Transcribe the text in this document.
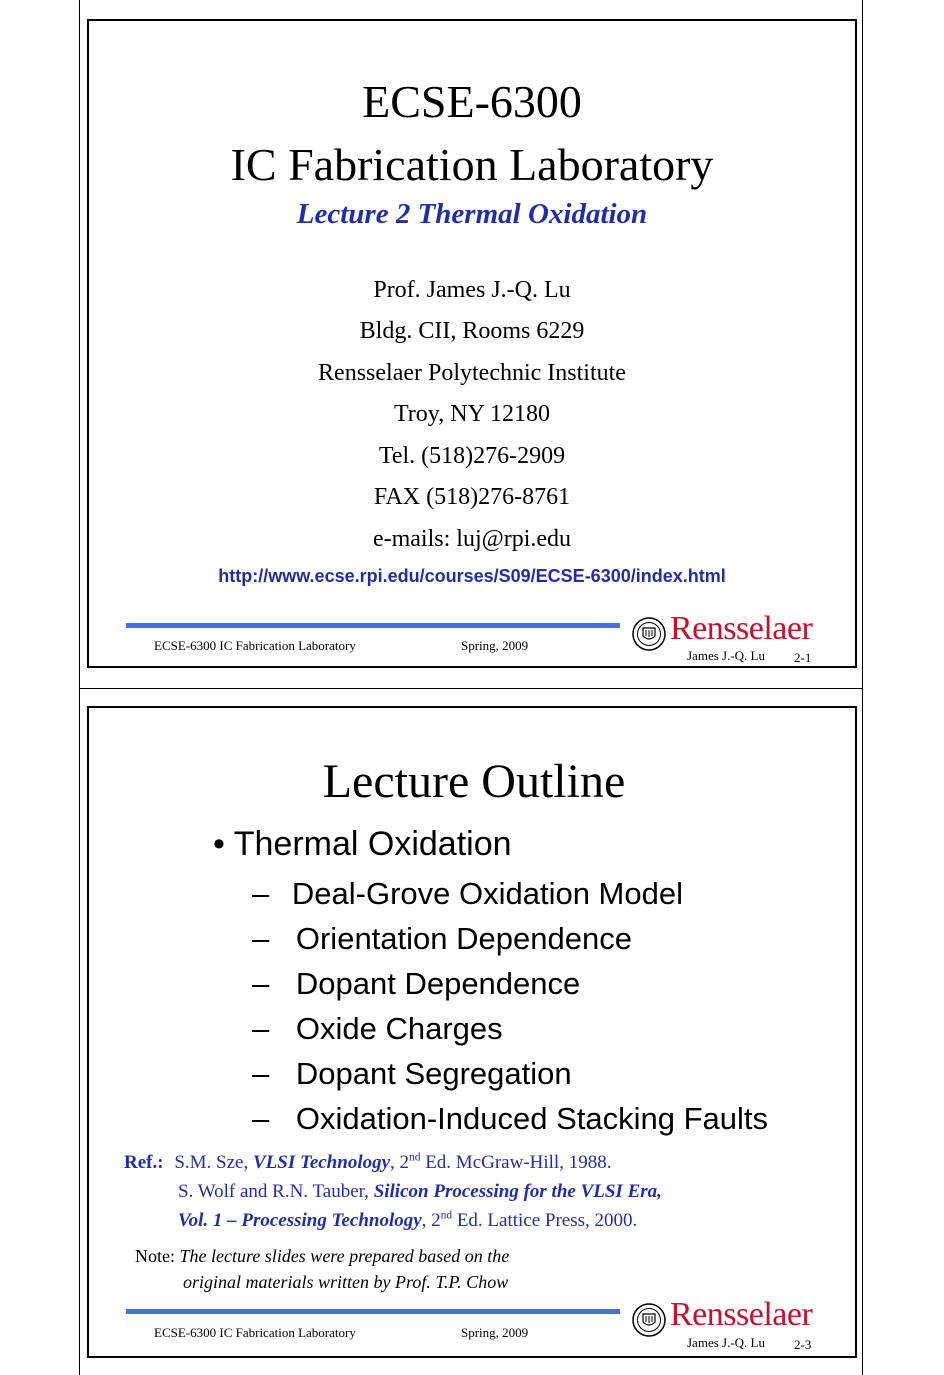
ECSE-6300
IC Fabrication Laboratory
Lecture 2 Thermal Oxidation
Prof. James J.-Q. Lu
Bldg. CII, Rooms 6229
Rensselaer Polytechnic Institute
Troy, NY 12180
Tel. (518)276-2909
FAX (518)276-8761
e-mails: luj@rpi.edu
http://www.ecse.rpi.edu/courses/S09/ECSE-6300/index.html
ECSE-6300 IC Fabrication Laboratory	Spring, 2009	Rensselaer
James J.-Q. Lu 2-1
Lecture Outline
• Thermal Oxidation
– Deal-Grove Oxidation Model
– Orientation Dependence
– Dopant Dependence
– Oxide Charges
– Dopant Segregation
– Oxidation-Induced Stacking Faults
Ref.: S.M. Sze, VLSI Technology, 2nd Ed. McGraw-Hill, 1988.
S. Wolf and R.N. Tauber, Silicon Processing for the VLSI Era,
Vol. 1 – Processing Technology, 2nd Ed. Lattice Press, 2000.
Note: The lecture slides were prepared based on the
original materials written by Prof. T.P. Chow
ECSE-6300 IC Fabrication Laboratory	Spring, 2009	Rensselaer
James J.-Q. Lu 2-3
